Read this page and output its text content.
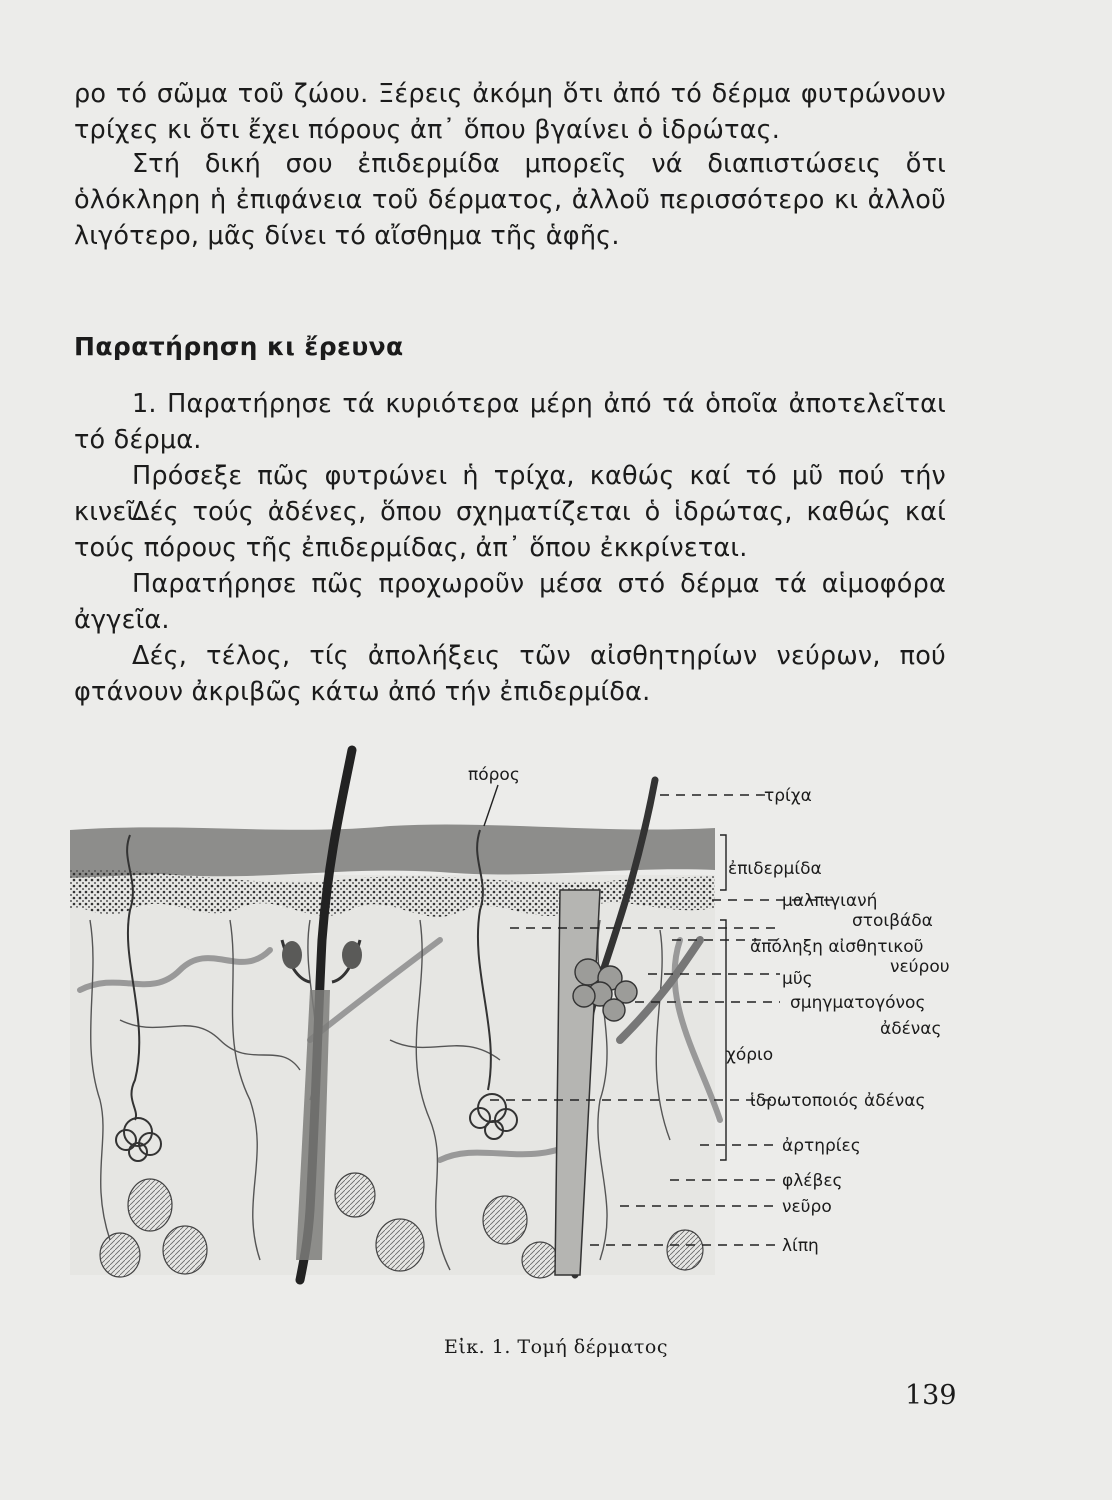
ρο τό σῶμα τοῦ ζώου. Ξέρεις ἀκόμη ὅτι ἀπό τό δέρμα φυτρώνουν τρίχες κι ὅτι ἔχει πόρους ἀπ᾿ ὅπου βγαίνει ὁ ἱδρώτας.

Στή δική σου ἐπιδερμίδα μπορεῖς νά διαπιστώσεις ὅτι ὁλόκληρη ἡ ἐπιφάνεια τοῦ δέρματος, ἀλλοῦ περισσότερο κι ἀλλοῦ λιγότερο, μᾶς δίνει τό αἴσθημα τῆς ἁφῆς.

Παρατήρηση κι ἔρευνα

1. Παρατήρησε τά κυριότερα μέρη ἀπό τά ὁποῖα ἀποτελεῖται τό δέρμα.

Πρόσεξε πῶς φυτρώνει ἡ τρίχα, καθώς καί τό μῦ πού τήν κινεῖ.

Δές τούς ἀδένες, ὅπου σχηματίζεται ὁ ἱδρώτας, καθώς καί τούς πόρους τῆς ἐπιδερμίδας, ἀπ᾿ ὅπου ἐκκρίνεται.

Παρατήρησε πῶς προχωροῦν μέσα στό δέρμα τά αἱμοφόρα ἀγγεῖα.

Δές, τέλος, τίς ἀπολήξεις τῶν αἰσθητηρίων νεύρων, πού φτάνουν ἀκριβῶς κάτω ἀπό τήν ἐπιδερμίδα.

πόρος
τρίχα
ἐπιδερμίδα
μαλπιγιανή
στοιβάδα
ἀπόληξη αἰσθητικοῦ
νεύρου
μῦς
σμηγματογόνος
ἀδένας
χόριο
ἱδρωτοποιός ἀδένας
ἀρτηρίες
φλέβες
νεῦρο
λίπη
Εἰκ. 1. Τομή δέρματος
139
